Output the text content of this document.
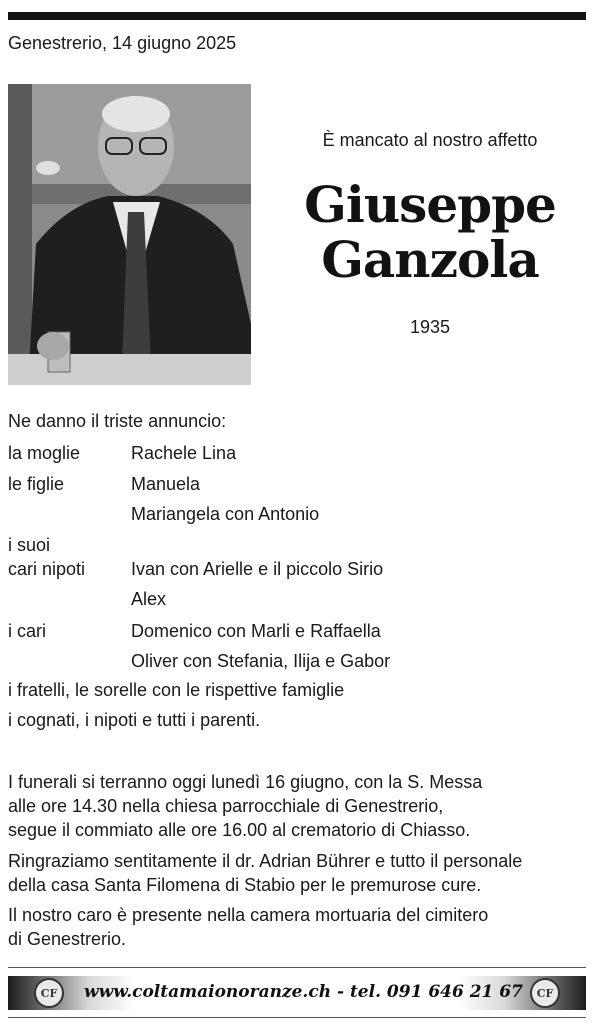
Genestrerio, 14 giugno 2025
È mancato al nostro affetto
Giuseppe
Ganzola
1935
Ne danno il triste annuncio:
la moglie	Rachele Lina
le figlie	Manuela
Mariangela con Antonio
i suoi
cari nipoti	Ivan con Arielle e il piccolo Sirio
Alex
i cari	Domenico con Marli e Raffaella
Oliver con Stefania, Ilija e Gabor
i fratelli, le sorelle con le rispettive famiglie
i cognati, i nipoti e tutti i parenti.
I funerali si terranno oggi lunedì 16 giugno, con la S. Messa
alle ore 14.30 nella chiesa parrocchiale di Genestrerio,
segue il commiato alle ore 16.00 al crematorio di Chiasso.
Ringraziamo sentitamente il dr. Adrian Bührer e tutto il personale
della casa Santa Filomena di Stabio per le premurose cure.
Il nostro caro è presente nella camera mortuaria del cimitero
di Genestrerio.
CF	www.coltamaionoranze.ch - tel. 091 646 21 67	CF
